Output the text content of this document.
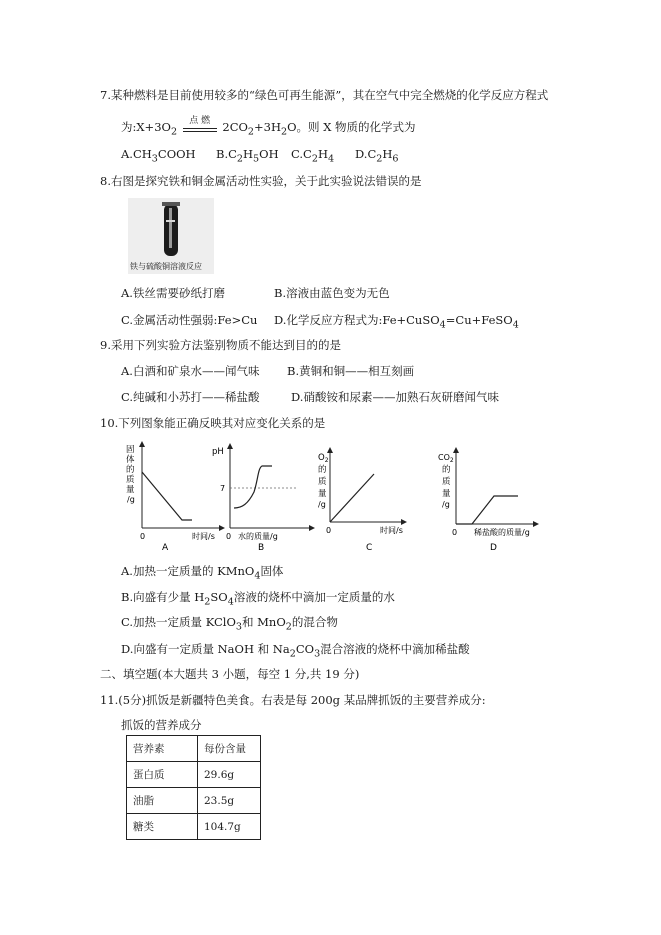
7.某种燃料是目前使用较多的“绿色可再生能源”，其在空气中完全燃烧的化学反应方程式
为$:X+3O_2$
点 燃	$2CO_2+3H_2O$。则 X 物质的化学式为
$A.CH_3COOH$ $B.C_2H_5OH$ $C.C_2H_4$ $D.C_2H_6$
8.右图是探究铁和铜金属活动性实验，关于此实验说法错误的是
铁与硫酸铜溶液反应
A.铁丝需要砂纸打磨	B.溶液由蓝色变为无色
C.金属活动性强弱:Fe>Cu D.化学反应方程式为:Fe+CuSO$_4$=Cu+FeSO$_4$
9.采用下列实验方法鉴别物质不能达到目的的是
A.白酒和矿泉水——闻气味 B.黄铜和铜——相互刻画
C.纯碱和小苏打——稀盐酸	D.硝酸铵和尿素——加熟石灰研磨闻气味
10.下列图象能正确反映其对应变化关系的是
固
体
的
质
量
/g
0	时间/s
A
pH
7
0 水的质量/g
B
$O_2$
的
质
量
/g
0	时间/s
C
$CO_2$
的
质
量
/g
0 稀盐酸的质量/g
D
A.加热一定质量的 KMnO$_4$固体
B.向盛有少量 $H_2SO_4$溶液的烧杯中滴加一定质量的水
C.加热一定质量 KClO$_3$和 MnO$_2$的混合物
D.向盛有一定质量 NaOH 和 $Na_2CO_3$混合溶液的烧杯中滴加稀盐酸
二、填空题(本大题共 3 小题，每空 1 分,共 19 分)
11.(5分)抓饭是新疆特色美食。右表是每 200g 某品牌抓饭的主要营养成分:
抓饭的营养成分
营养素	每份含量
蛋白质	29.6g
油脂	23.5g
糖类	104.7g
